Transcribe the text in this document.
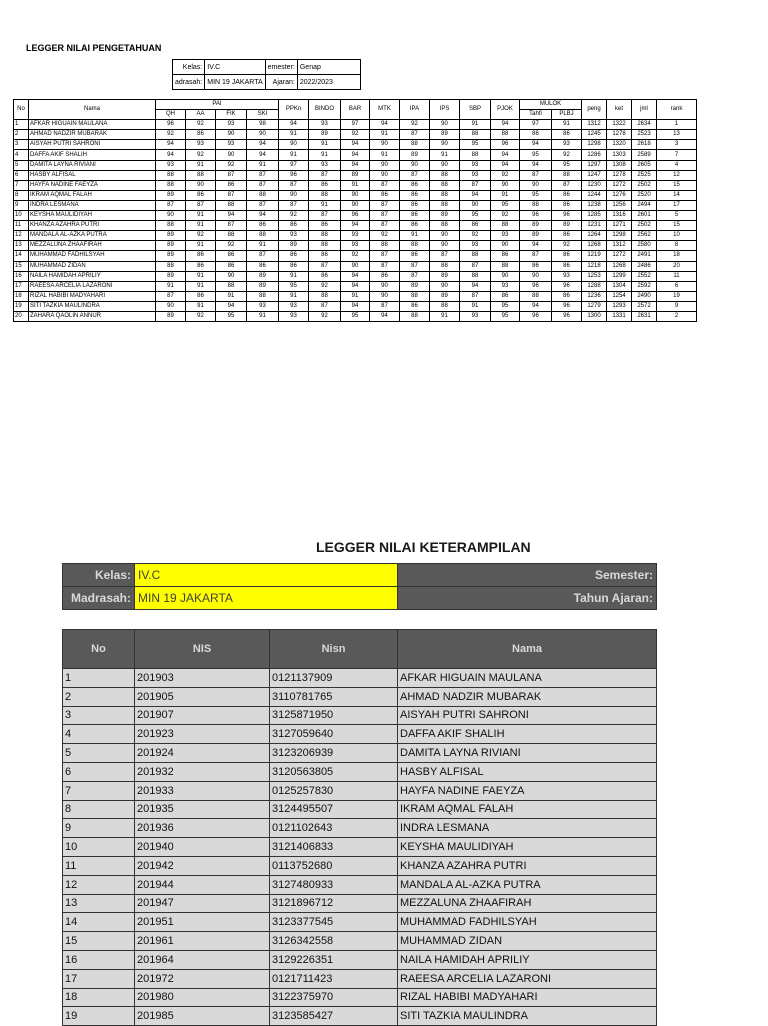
LEGGER NILAI PENGETAHUAN
Kelas:	IV.C	emester:	Genap
adrasah:	MIN 19 JAKARTA	Ajaran:	2022/2023
No	Nama	PAI				PPKn	BINDO	BAR	MTK	IPA	IPS	SBP	PJOK	MULOK		peng	ket	jml	rank
		QH	AA	FIK	SKI									Tahfi	PLBJ				
1	AFKAR HIGUAIN MAULANA	96	92	93	98	94	93	97	94	92	90	91	94	97	91	1312	1322	2634	1
2	AHMAD NADZIR MUBARAK	92	86	90	90	91	89	92	91	87	89	88	88	86	86	1245	1278	2523	13
3	AISYAH PUTRI SAHRONI	94	93	93	94	90	91	94	90	88	90	95	96	94	93	1298	1320	2618	3
4	DAFFA AKIF SHALIH	94	92	90	94	91	91	94	91	89	91	88	94	95	92	1286	1303	2589	7
5	DAMITA LAYNA RIVIANI	93	91	92	91	97	93	94	90	90	90	93	94	94	95	1297	1308	2605	4
6	HASBY ALFISAL	88	88	87	87	96	87	89	90	87	88	93	92	87	88	1247	1278	2525	12
7	HAYFA NADINE FAEYZA	88	90	86	87	87	86	91	87	86	88	87	90	90	87	1230	1272	2502	15
8	IKRAM AQMAL FALAH	89	86	87	88	90	88	90	86	86	88	94	91	95	86	1244	1276	2520	14
9	INDRA LESMANA	87	87	88	87	87	91	90	87	86	88	90	95	88	86	1238	1256	2494	17
10	KEYSHA MAULIDIYAH	90	91	94	94	92	87	96	87	86	89	95	92	96	96	1285	1316	2601	5
11	KHANZA AZAHRA PUTRI	88	91	87	86	86	86	94	87	86	88	86	88	89	89	1231	1271	2502	15
12	MANDALA AL-AZKA PUTRA	89	92	88	88	93	88	93	92	91	90	92	93	89	86	1264	1298	2562	10
13	MEZZALUNA ZHAAFIRAH	89	91	92	91	89	88	93	88	88	90	93	90	94	92	1268	1312	2580	8
14	MUHAMMAD FADHILSYAH	89	86	86	87	86	86	92	87	86	87	88	86	87	86	1219	1272	2491	18
15	MUHAMMAD ZIDAN	88	86	86	86	86	87	90	87	87	88	87	88	86	86	1218	1268	2486	20
16	NAILA HAMIDAH APRILIY	89	91	90	89	91	86	94	86	87	89	88	90	90	93	1253	1299	2552	11
17	RAEESA ARCELIA LAZARONI	91	91	88	89	95	92	94	90	89	90	94	93	96	96	1288	1304	2592	6
18	RIZAL HABIBI MADYAHARI	87	86	91	88	91	88	91	90	88	89	87	86	88	86	1236	1254	2490	19
19	SITI TAZKIA MAULINDRA	90	91	94	93	93	87	94	87	86	88	91	95	94	96	1279	1293	2572	9
20	ZAHARA QAOLIN ANNUR	89	92	95	91	93	92	95	94	88	91	93	95	96	96	1300	1331	2631	2
LEGGER NILAI KETERAMPILAN
Kelas:	IV.C	Semester:
Madrasah:	MIN 19 JAKARTA	Tahun Ajaran:
No	NIS	Nisn	Nama
1	201903	0121137909	AFKAR HIGUAIN MAULANA
2	201905	3110781765	AHMAD NADZIR MUBARAK
3	201907	3125871950	AISYAH PUTRI SAHRONI
4	201923	3127059640	DAFFA AKIF SHALIH
5	201924	3123206939	DAMITA LAYNA RIVIANI
6	201932	3120563805	HASBY ALFISAL
7	201933	0125257830	HAYFA NADINE FAEYZA
8	201935	3124495507	IKRAM AQMAL FALAH
9	201936	0121102643	INDRA LESMANA
10	201940	3121406833	KEYSHA MAULIDIYAH
11	201942	0113752680	KHANZA AZAHRA PUTRI
12	201944	3127480933	MANDALA AL-AZKA PUTRA
13	201947	3121896712	MEZZALUNA ZHAAFIRAH
14	201951	3123377545	MUHAMMAD FADHILSYAH
15	201961	3126342558	MUHAMMAD ZIDAN
16	201964	3129226351	NAILA HAMIDAH APRILIY
17	201972	0121711423	RAEESA ARCELIA LAZARONI
18	201980	3122375970	RIZAL HABIBI MADYAHARI
19	201985	3123585427	SITI TAZKIA MAULINDRA
